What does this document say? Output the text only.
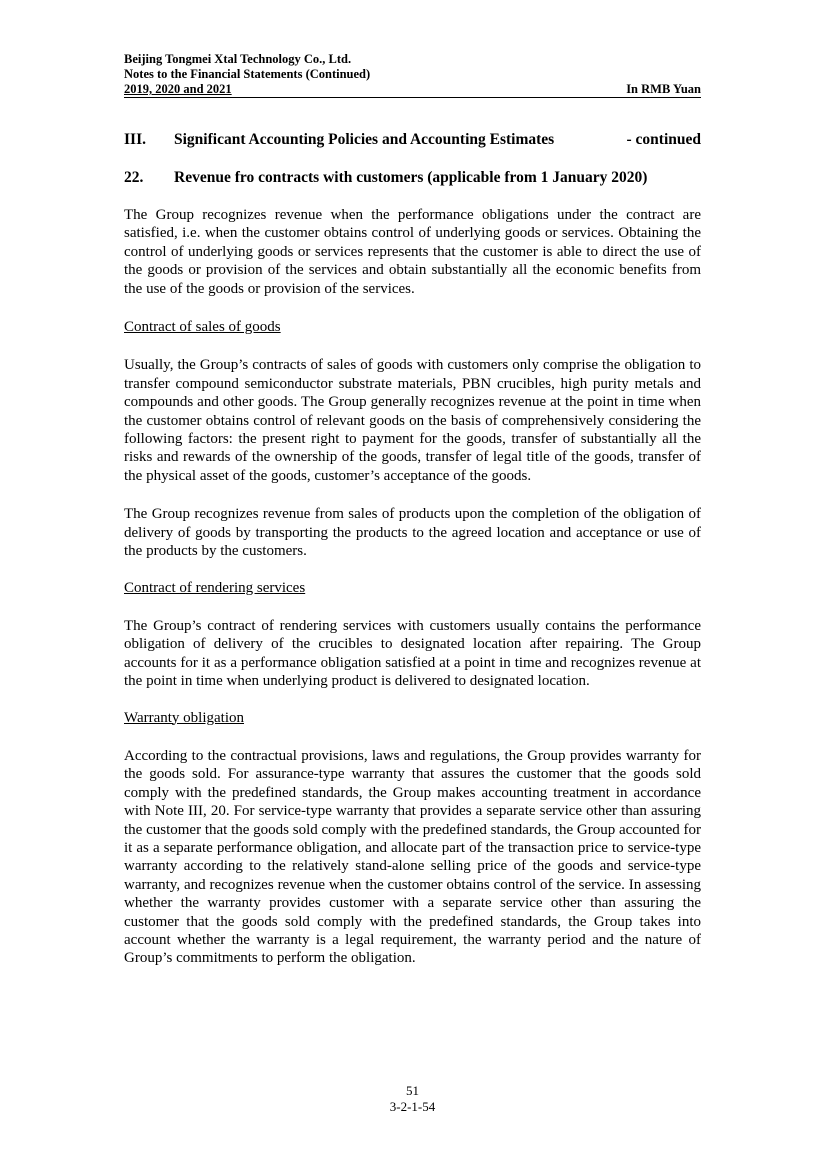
Beijing Tongmei Xtal Technology Co., Ltd.
Notes to the Financial Statements (Continued)
2019, 2020 and 2021	In RMB Yuan
III.	Significant Accounting Policies and Accounting Estimates	- continued
22.	Revenue fro contracts with customers (applicable from 1 January 2020)

The Group recognizes revenue when the performance obligations under the contract are satisfied, i.e. when the customer obtains control of underlying goods or services. Obtaining the control of underlying goods or services represents that the customer is able to direct the use of the goods or provision of the services and obtain substantially all the economic benefits from the use of the goods or provision of the services.

Contract of sales of goods

Usually, the Group’s contracts of sales of goods with customers only comprise the obligation to transfer compound semiconductor substrate materials, PBN crucibles, high purity metals and compounds and other goods. The Group generally recognizes revenue at the point in time when the customer obtains control of relevant goods on the basis of comprehensively considering the following factors: the present right to payment for the goods, transfer of substantially all the risks and rewards of the ownership of the goods, transfer of legal title of the goods, transfer of the physical asset of the goods, customer’s acceptance of the goods.

The Group recognizes revenue from sales of products upon the completion of the obligation of delivery of goods by transporting the products to the agreed location and acceptance or use of the products by the customers.

Contract of rendering services

The Group’s contract of rendering services with customers usually contains the performance obligation of delivery of the crucibles to designated location after repairing. The Group accounts for it as a performance obligation satisfied at a point in time and recognizes revenue at the point in time when underlying product is delivered to designated location.

Warranty obligation

According to the contractual provisions, laws and regulations, the Group provides warranty for the goods sold. For assurance-type warranty that assures the customer that the goods sold comply with the predefined standards, the Group makes accounting treatment in accordance with Note III, 20. For service-type warranty that provides a separate service other than assuring the customer that the goods sold comply with the predefined standards, the Group accounted for it as a separate performance obligation, and allocate part of the transaction price to service-type warranty according to the relatively stand-alone selling price of the goods and service-type warranty, and recognizes revenue when the customer obtains control of the service. In assessing whether the warranty provides customer with a separate service other than assuring the customer that the goods sold comply with the predefined standards, the Group takes into account whether the warranty is a legal requirement, the warranty period and the nature of Group’s commitments to perform the obligation.

51
3-2-1-54
